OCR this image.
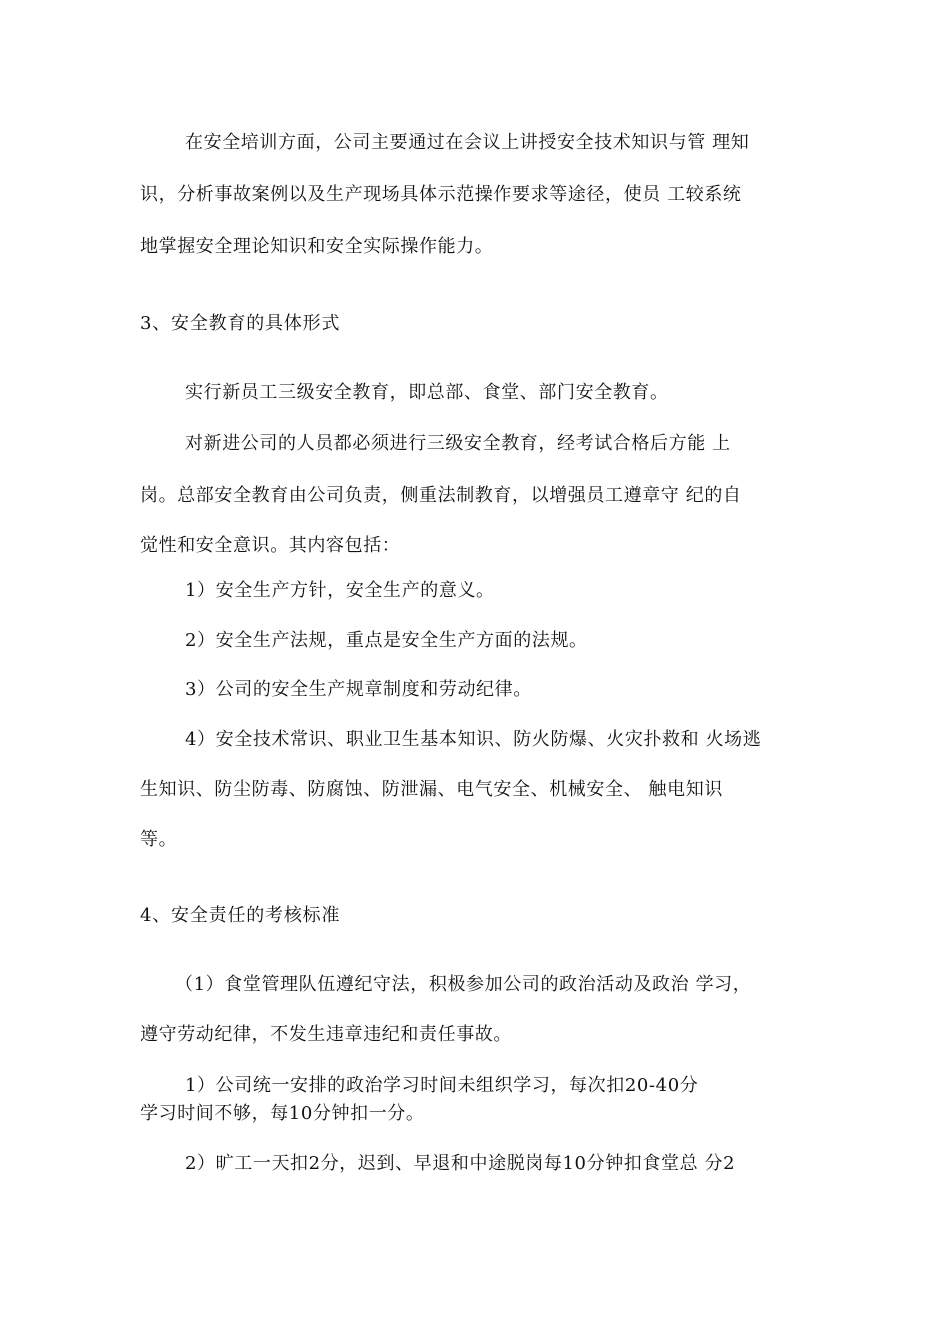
在安全培训方面，公司主要通过在会议上讲授安全技术知识与管 理知
识，分析事故案例以及生产现场具体示范操作要求等途径，使员 工较系统
地掌握安全理论知识和安全实际操作能力。
3、安全教育的具体形式
实行新员工三级安全教育，即总部、食堂、部门安全教育。
对新进公司的人员都必须进行三级安全教育，经考试合格后方能 上
岗。总部安全教育由公司负责，侧重法制教育，以增强员工遵章守 纪的自
觉性和安全意识。其内容包括：
1）安全生产方针，安全生产的意义。
2）安全生产法规，重点是安全生产方面的法规。
3）公司的安全生产规章制度和劳动纪律。
4）安全技术常识、职业卫生基本知识、防火防爆、火灾扑救和 火场逃
生知识、防尘防毒、防腐蚀、防泄漏、电气安全、机械安全、 触电知识
等。
4、安全责任的考核标准
（1）食堂管理队伍遵纪守法，积极参加公司的政治活动及政治 学习，
遵守劳动纪律，不发生违章违纪和责任事故。
1）公司统一安排的政治学习时间未组织学习，每次扣20-40分
学习时间不够，每10分钟扣一分。
2）旷工一天扣2分，迟到、早退和中途脱岗每10分钟扣食堂总 分2
